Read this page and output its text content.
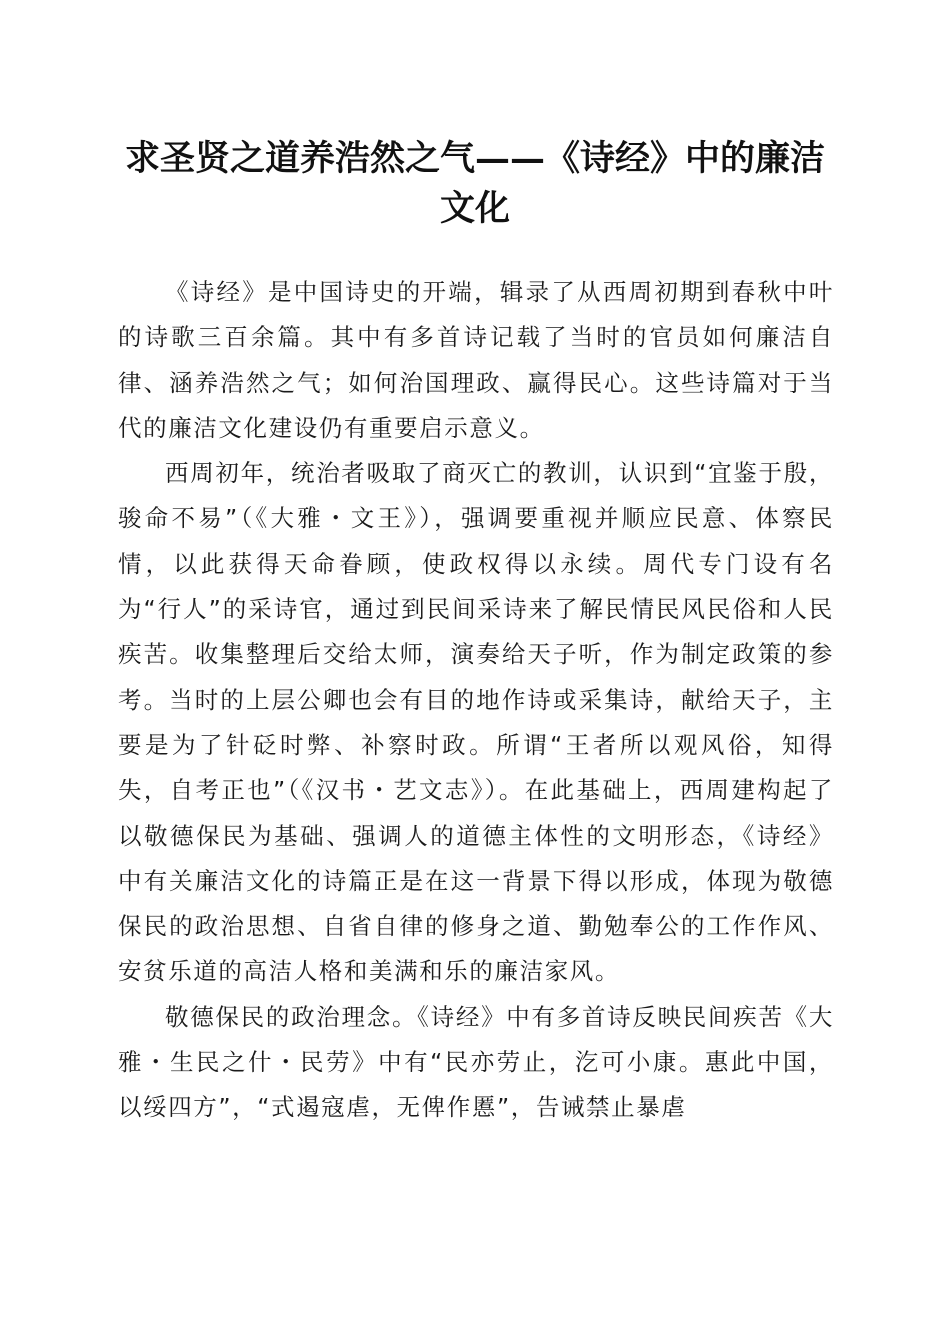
求圣贤之道养浩然之气——《诗经》中的廉洁文化

《诗经》是中国诗史的开端，辑录了从西周初期到春秋中叶的诗歌三百余篇。其中有多首诗记载了当时的官员如何廉洁自律、涵养浩然之气；如何治国理政、赢得民心。这些诗篇对于当代的廉洁文化建设仍有重要启示意义。

西周初年，统治者吸取了商灭亡的教训，认识到“宜鉴于殷，骏命不易”（《大雅・文王》），强调要重视并顺应民意、体察民情，以此获得天命眷顾，使政权得以永续。周代专门设有名为“行人”的采诗官，通过到民间采诗来了解民情民风民俗和人民疾苦。收集整理后交给太师，演奏给天子听，作为制定政策的参考。当时的上层公卿也会有目的地作诗或采集诗，献给天子，主要是为了针砭时弊、补察时政。所谓“王者所以观风俗，知得失，自考正也”（《汉书・艺文志》）。在此基础上，西周建构起了以敬德保民为基础、强调人的道德主体性的文明形态，《诗经》中有关廉洁文化的诗篇正是在这一背景下得以形成，体现为敬德保民的政治思想、自省自律的修身之道、勤勉奉公的工作作风、安贫乐道的高洁人格和美满和乐的廉洁家风。

敬德保民的政治理念。《诗经》中有多首诗反映民间疾苦《大雅・生民之什・民劳》中有“民亦劳止，汔可小康。惠此中国，以绥四方”，“式遏寇虐，无俾作慝”，告诫禁止暴虐
